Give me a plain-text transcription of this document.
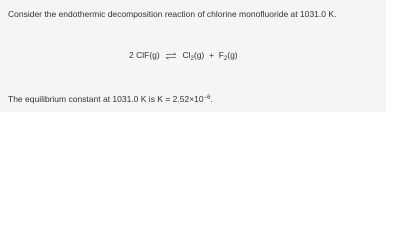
Consider the endothermic decomposition reaction of chlorine monofluoride at 1031.0 K.
2 ClF(g) ⇌ $Cl_2(g) + F_2(g)$
The equilibrium constant at 1031.0 K is $K = 2.52\times 10^{-6}$.
